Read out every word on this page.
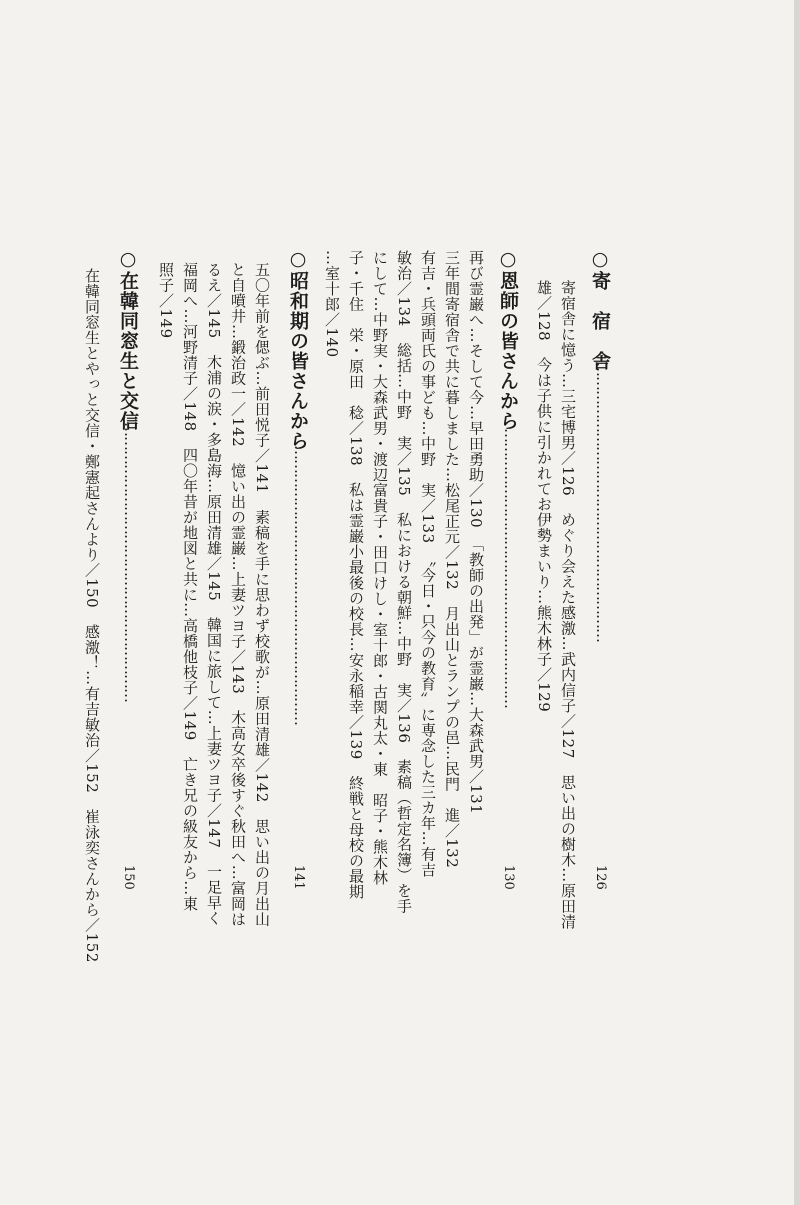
○寄　宿　舎
……………………………………………………
126
寄宿舎に憶う…三宅博男／126　めぐり会えた感激…武内信子／127　思い出の樹木…原田清
雄／128　今は子供に引かれてお伊勢まいり…熊木林子／129
○恩師の皆さんから
……………………………………………………
130
再び霊巌へ…そして今…早田勇助／130　「教師の出発」が霊巌…大森武男／131
三年間寄宿舎で共に暮しました…松尾正元／132　月出山とランプの邑…民門　進／132
有吉・兵頭両氏の事ども…中野　実／133　〝今日・只今の教育〟に専念した三カ年…有吉
敏治／134　総括…中野　実／135　私における朝鮮…中野　実／136　素稿（哲定名簿）を手
にして…中野実・大森武男・渡辺富貴子・田口けし・室十郎・古関丸太・東　昭子・熊木林
子・千住　栄・原田　稔／138　私は霊巌小最後の校長…安永稲幸／139　終戦と母校の最期
…室十郎／140
○昭和期の皆さんから
……………………………………………………
141
五〇年前を偲ぶ…前田悦子／141　素稿を手に思わず校歌が…原田清雄／142　思い出の月出山
と自噴井…鍛治政一／142　憶い出の霊巌…上妻ツヨ子／143　木高女卒後すぐ秋田へ…富岡は
るえ／145　木浦の涙・多島海…原田清雄／145　韓国に旅して…上妻ツヨ子／147　一足早く
福岡へ…河野清子／148　四〇年昔が地図と共に…高橋他枝子／149　亡き兄の級友から…東
照子／149
○在韓同窓生と交信
……………………………………………………
150
在韓同窓生とやっと交信・鄭憲起さんより／150　感激！…有吉敏治／152　崔泳奕さんから／152
